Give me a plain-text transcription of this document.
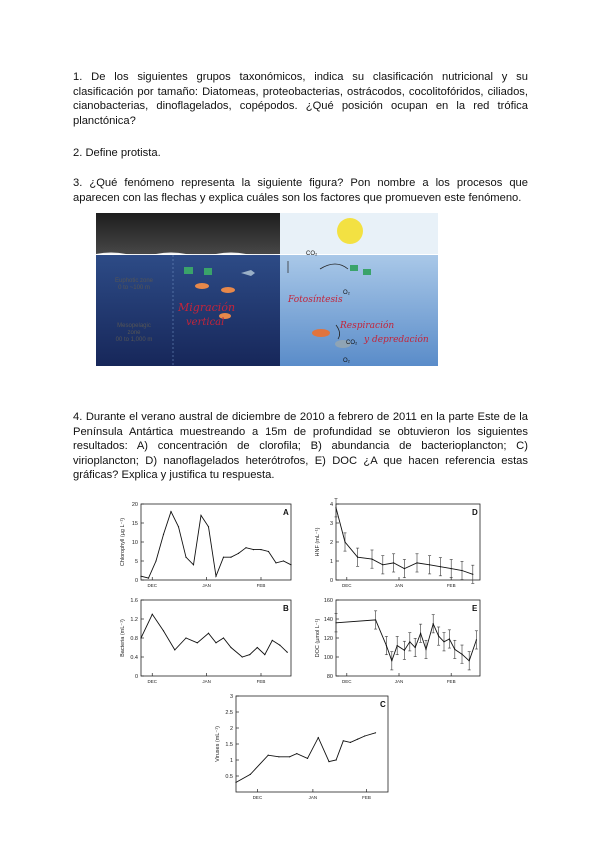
1. De los siguientes grupos taxonómicos, indica su clasificación nutricional y su clasificación por tamaño: Diatomeas, proteobacterias, ostrácodos, cocolitofóridos, ciliados, cianobacterias, dinoflagelados, copépodos. ¿Qué posición ocupan en la red trófica planctónica?

2. Define protista.

3. ¿Qué fenómeno representa la siguiente figura? Pon nombre a los procesos que aparecen con las flechas y explica cuáles son los factores que promueven este fenómeno.

Euphotic zone
0 to ~100 m
Mesopelagic
zone
00 to 1,000 m
CO₂
CO₂
O₂
O₂
Migración
vertical
Fotosíntesis
Respiración
y depredación

4. Durante el verano austral de diciembre de 2010 a febrero de 2011 en la parte Este de la Península Antártica muestreando a 15m de profundidad se obtuvieron los siguientes resultados: A) concentración de clorofila; B) abundancia de bacterioplancton; C) virioplancton; D) nanoflagelados heterótrofos, E) DOC ¿A que hacen referencia estas gráficas? Explica y justifica tu respuesta.

A
0
5
10
15
20
DEC	JAN	FEB
Chlorophyll (µg L⁻¹)
D
0
1
2
3
4
DEC	JAN	FEB
HNF (mL⁻¹)
B
0
0.4
0.8
1.2
1.6
DEC	JAN	FEB
Bacteria (mL⁻¹)
E
80
100
120
140
160
DEC	JAN	FEB
DOC (µmol L⁻¹)
C
0.5
1
1.5
2
2.5
3
DEC	JAN	FEB
Viruses (mL⁻¹)
